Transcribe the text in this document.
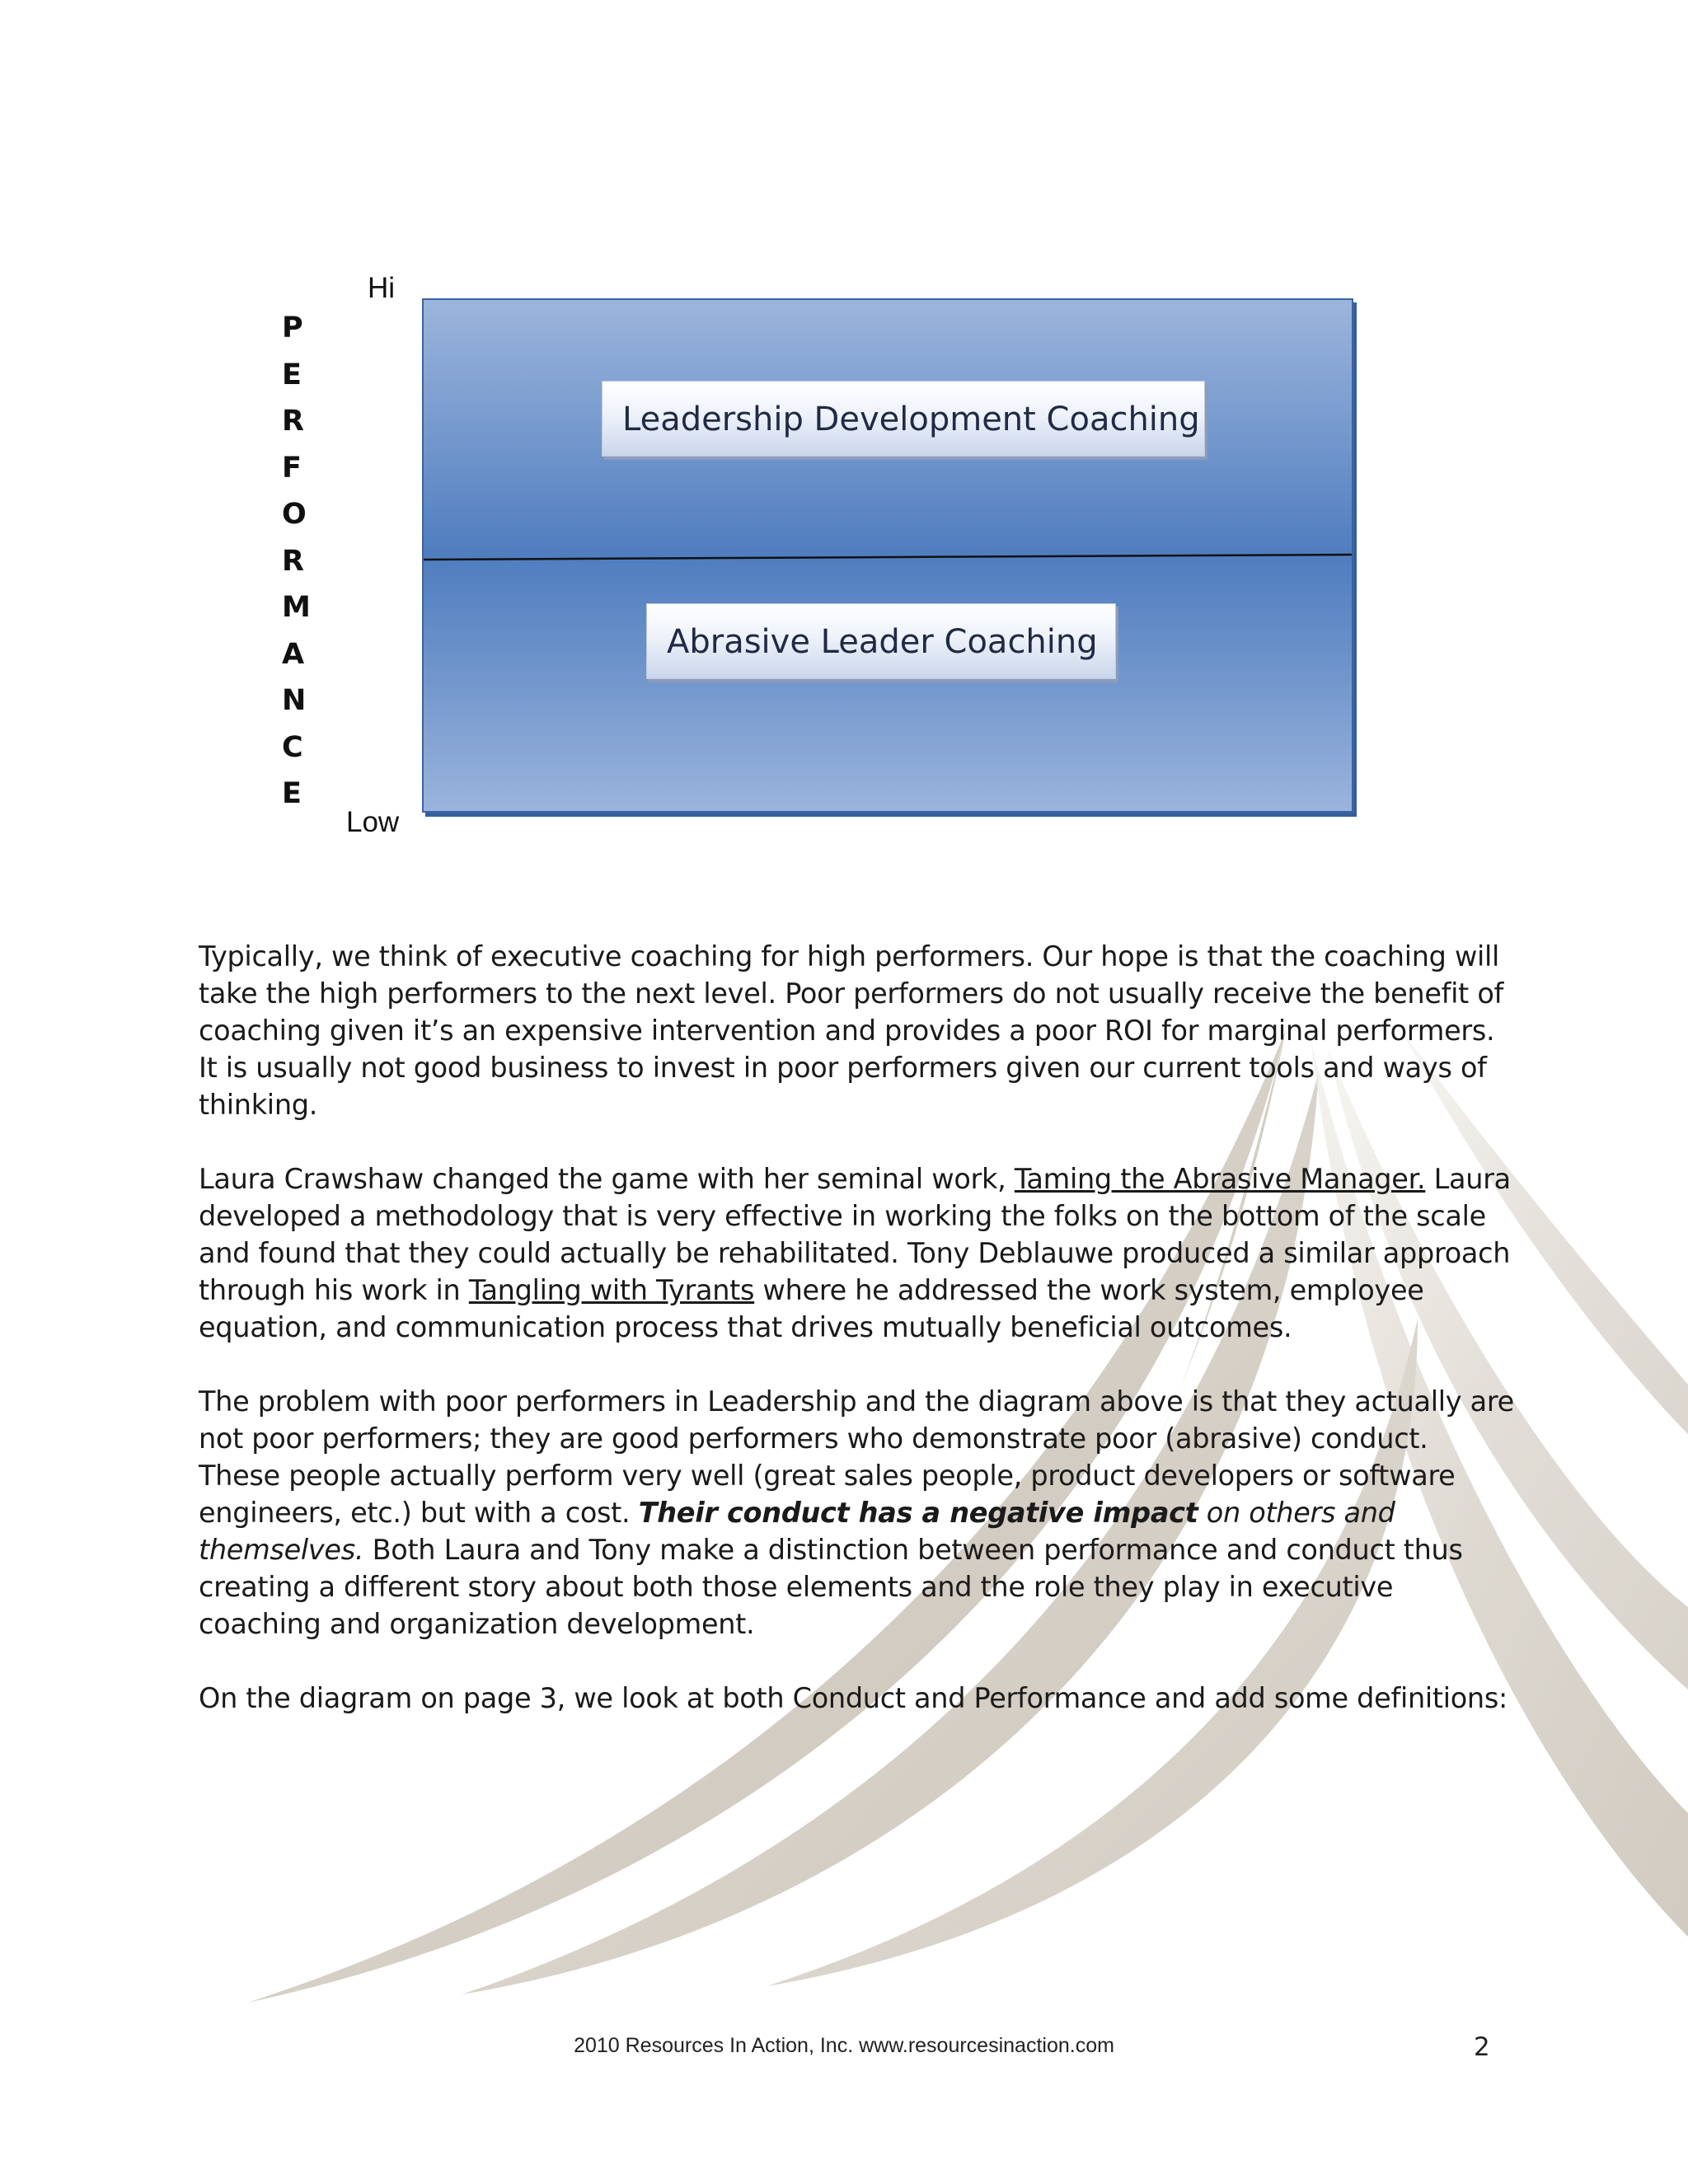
P
E
R
F
O
R
M
A
N
C
E
Hi
Low
Leadership Development Coaching
Abrasive Leader Coaching

Typically, we think of executive coaching for high performers. Our hope is that the coaching will take the high performers to the next level. Poor performers do not usually receive the benefit of coaching given it’s an expensive intervention and provides a poor ROI for marginal performers. It is usually not good business to invest in poor performers given our current tools and ways of thinking.

Laura Crawshaw changed the game with her seminal work, Taming the Abrasive Manager. Laura developed a methodology that is very effective in working the folks on the bottom of the scale and found that they could actually be rehabilitated. Tony Deblauwe produced a similar approach through his work in Tangling with Tyrants where he addressed the work system, employee equation, and communication process that drives mutually beneficial outcomes.

The problem with poor performers in Leadership and the diagram above is that they actually are not poor performers; they are good performers who demonstrate poor (abrasive) conduct. These people actually perform very well (great sales people, product developers or software engineers, etc.) but with a cost. Their conduct has a negative impact on others and themselves. Both Laura and Tony make a distinction between performance and conduct thus creating a different story about both those elements and the role they play in executive coaching and organization development.

On the diagram on page 3, we look at both Conduct and Performance and add some definitions:

2010 Resources In Action, Inc. www.resourcesinaction.com	2
